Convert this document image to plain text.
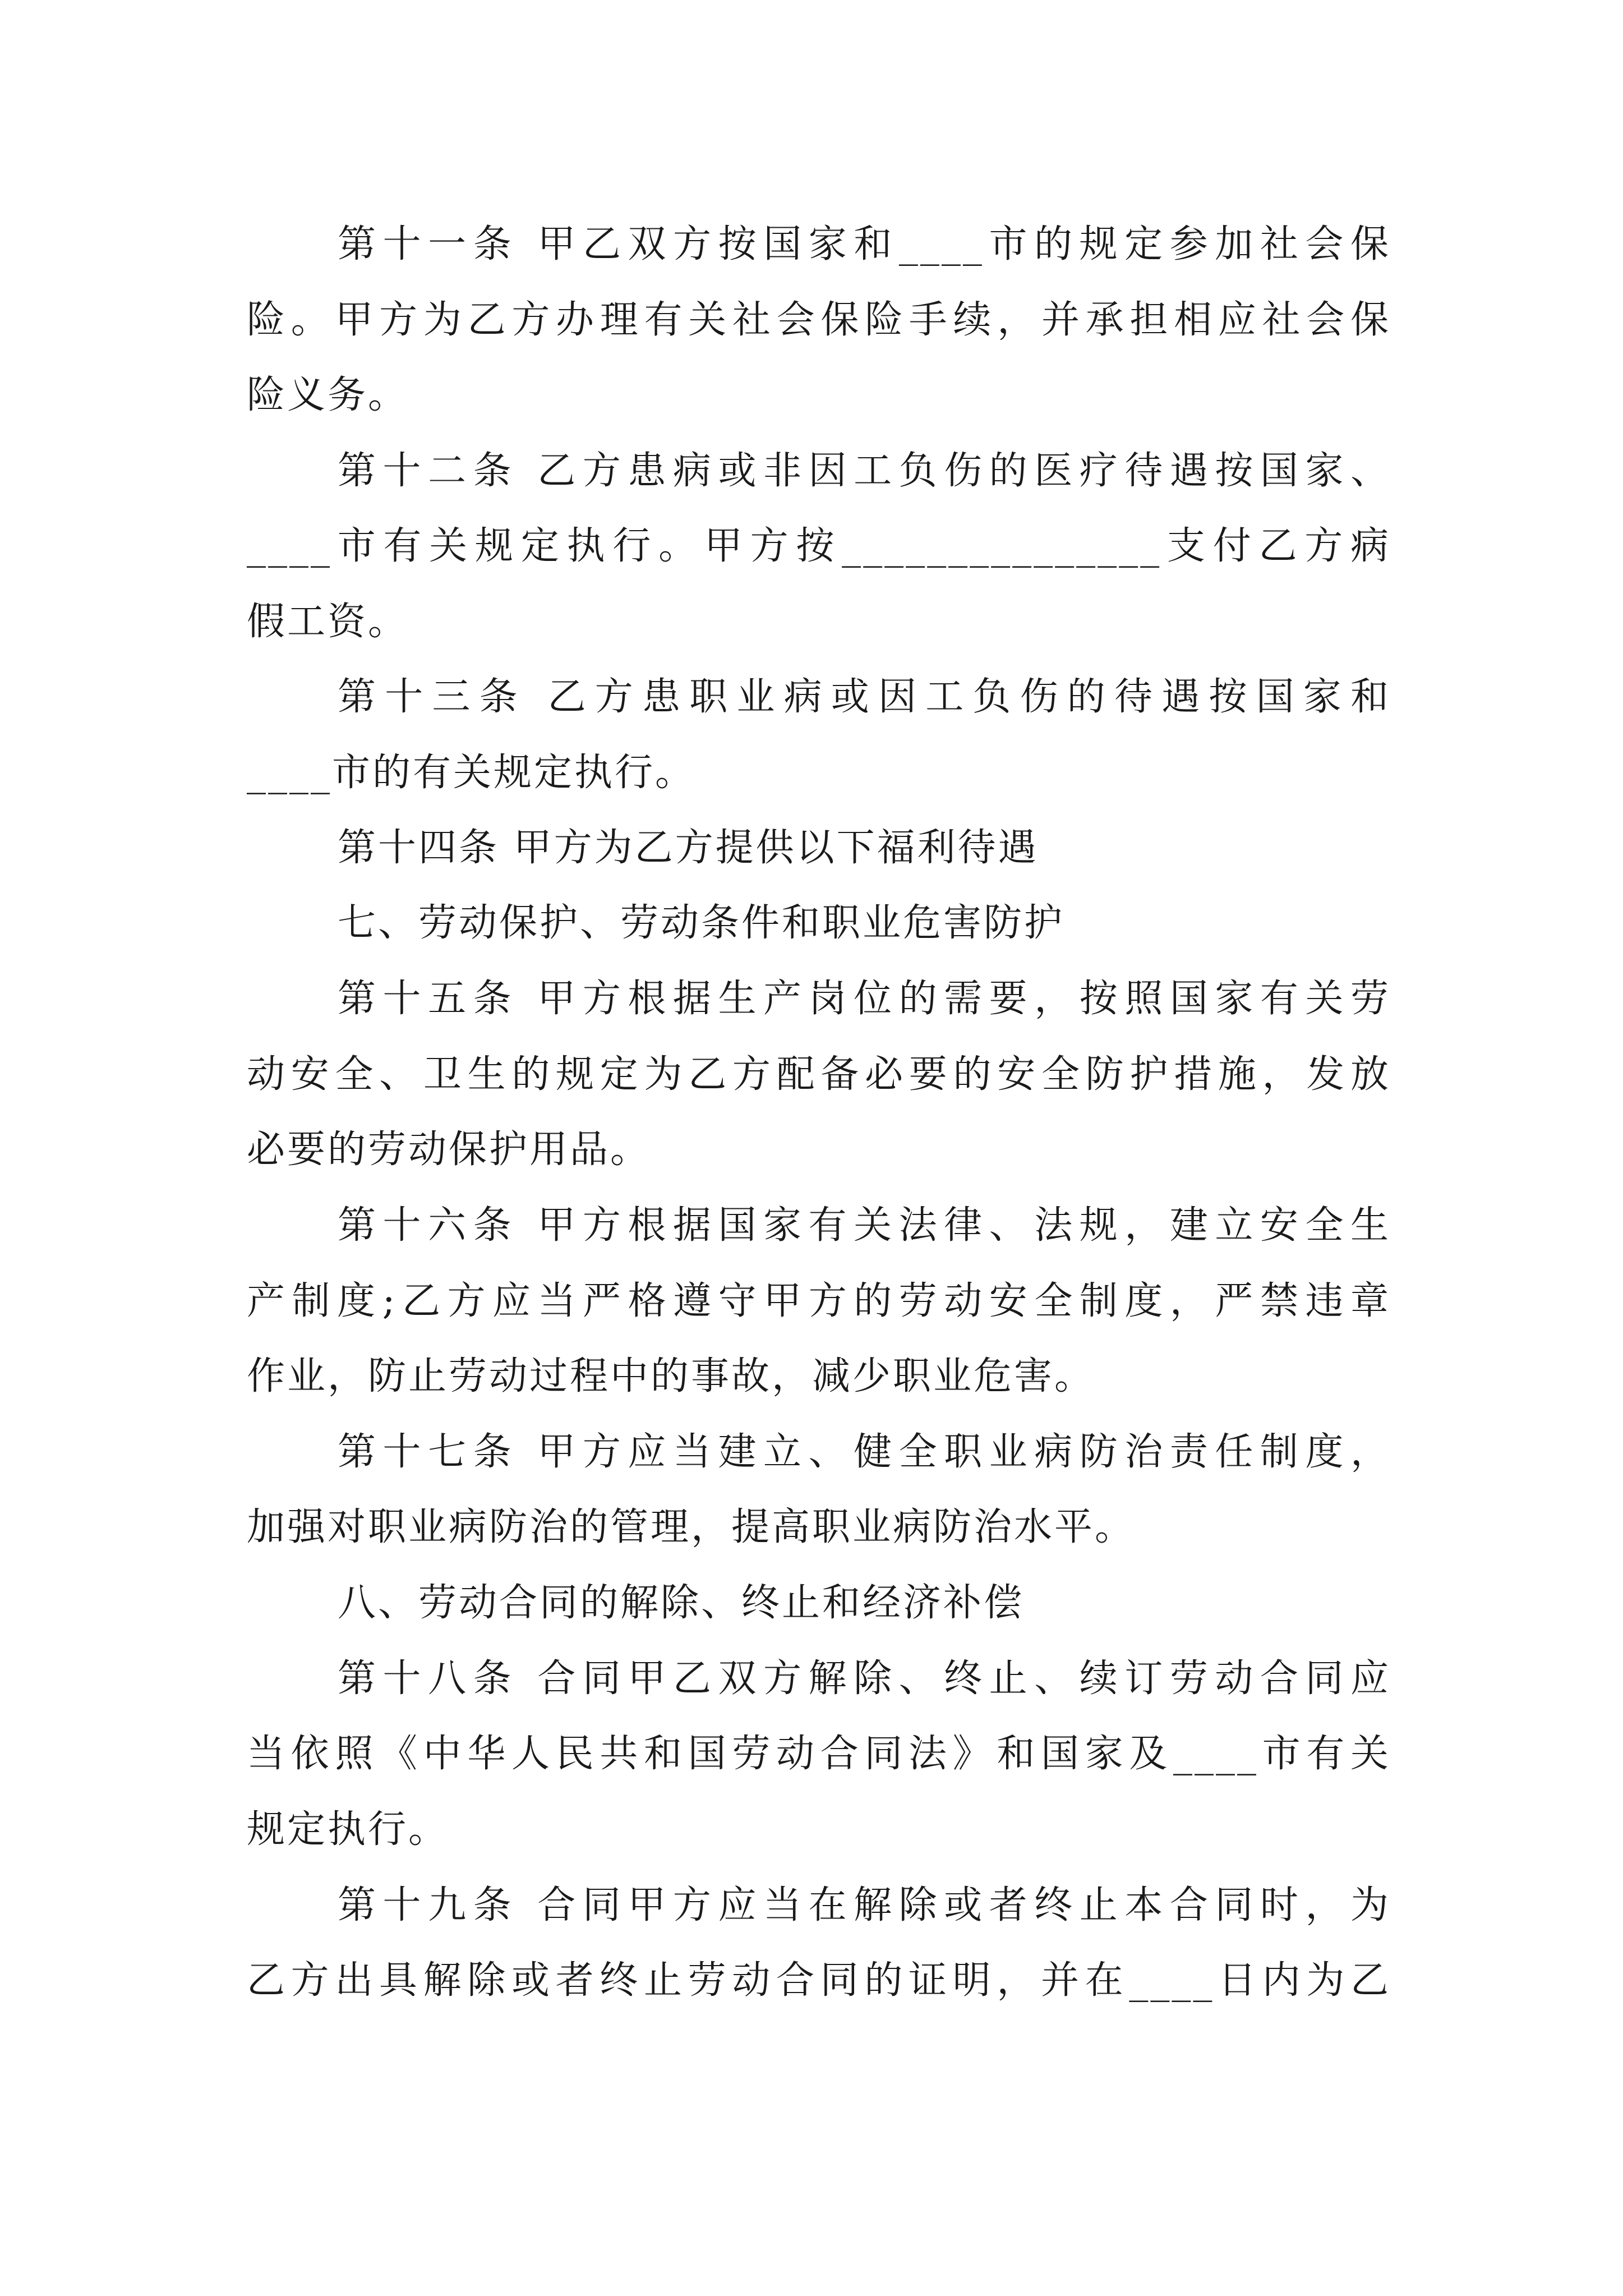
第十一条 甲乙双方按国家和____市的规定参加社会保
险。甲方为乙方办理有关社会保险手续，并承担相应社会保
险义务。
第十二条 乙方患病或非因工负伤的医疗待遇按国家、
____市有关规定执行。甲方按_______________支付乙方病
假工资。
第十三条 乙方患职业病或因工负伤的待遇按国家和
____市的有关规定执行。
第十四条 甲方为乙方提供以下福利待遇
七、劳动保护、劳动条件和职业危害防护
第十五条 甲方根据生产岗位的需要，按照国家有关劳
动安全、卫生的规定为乙方配备必要的安全防护措施，发放
必要的劳动保护用品。
第十六条 甲方根据国家有关法律、法规，建立安全生
产制度;乙方应当严格遵守甲方的劳动安全制度，严禁违章
作业，防止劳动过程中的事故，减少职业危害。
第十七条 甲方应当建立、健全职业病防治责任制度，
加强对职业病防治的管理，提高职业病防治水平。
八、劳动合同的解除、终止和经济补偿
第十八条 合同甲乙双方解除、终止、续订劳动合同应
当依照《中华人民共和国劳动合同法》和国家及____市有关
规定执行。
第十九条 合同甲方应当在解除或者终止本合同时，为
乙方出具解除或者终止劳动合同的证明，并在____日内为乙
